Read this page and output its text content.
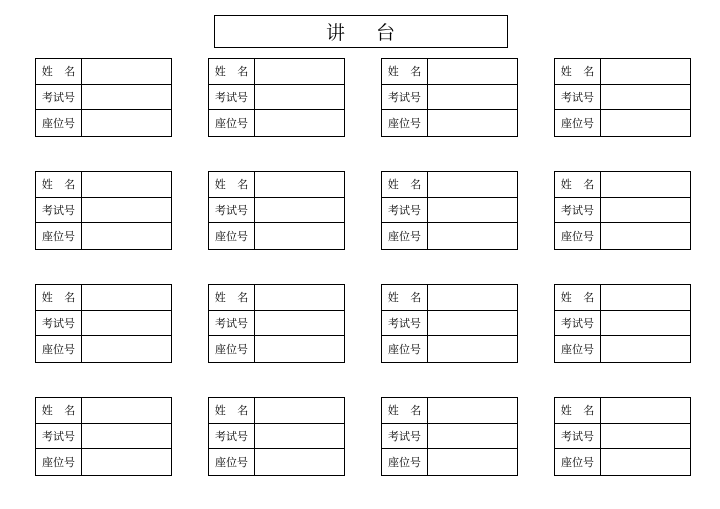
讲 台
姓 名
考试号
座位号
姓 名
考试号
座位号
姓 名
考试号
座位号
姓 名
考试号
座位号
姓 名
考试号
座位号
姓 名
考试号
座位号
姓 名
考试号
座位号
姓 名
考试号
座位号
姓 名
考试号
座位号
姓 名
考试号
座位号
姓 名
考试号
座位号
姓 名
考试号
座位号
姓 名
考试号
座位号
姓 名
考试号
座位号
姓 名
考试号
座位号
姓 名
考试号
座位号
